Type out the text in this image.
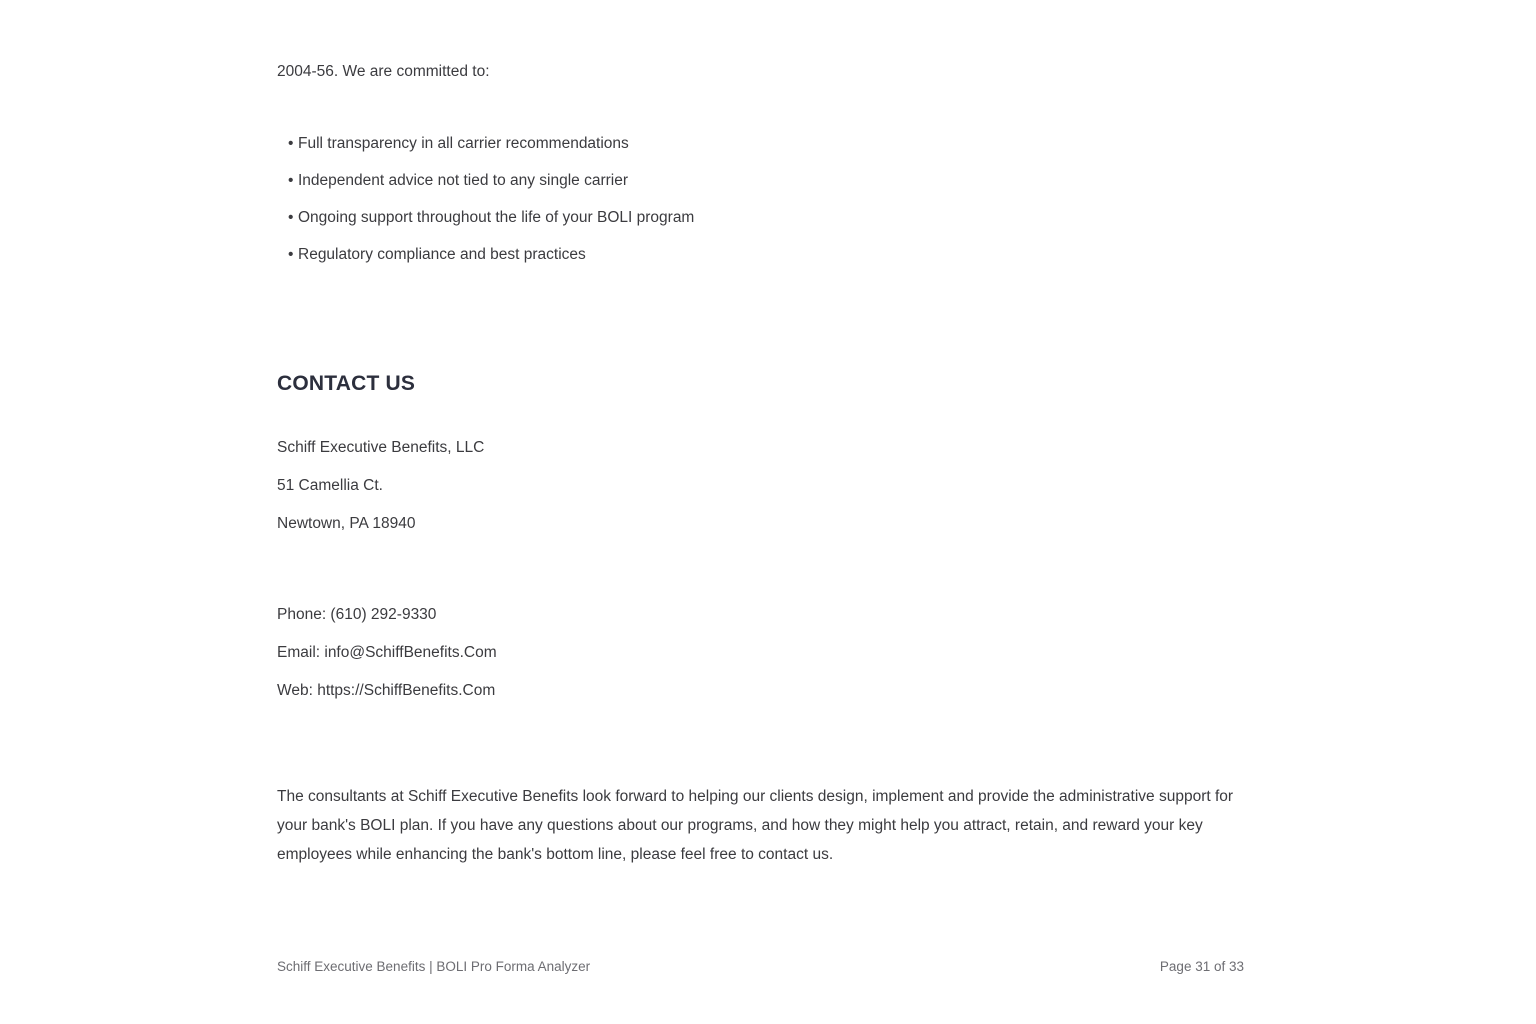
2004-56. We are committed to:
• Full transparency in all carrier recommendations
• Independent advice not tied to any single carrier
• Ongoing support throughout the life of your BOLI program
• Regulatory compliance and best practices
CONTACT US
Schiff Executive Benefits, LLC
51 Camellia Ct.
Newtown, PA 18940
Phone: (610) 292-9330
Email: info@SchiffBenefits.Com
Web: https://SchiffBenefits.Com

The consultants at Schiff Executive Benefits look forward to helping our clients design, implement and provide the administrative support for your bank's BOLI plan. If you have any questions about our programs, and how they might help you attract, retain, and reward your key employees while enhancing the bank's bottom line, please feel free to contact us.

Schiff Executive Benefits | BOLI Pro Forma Analyzer	Page 31 of 33
